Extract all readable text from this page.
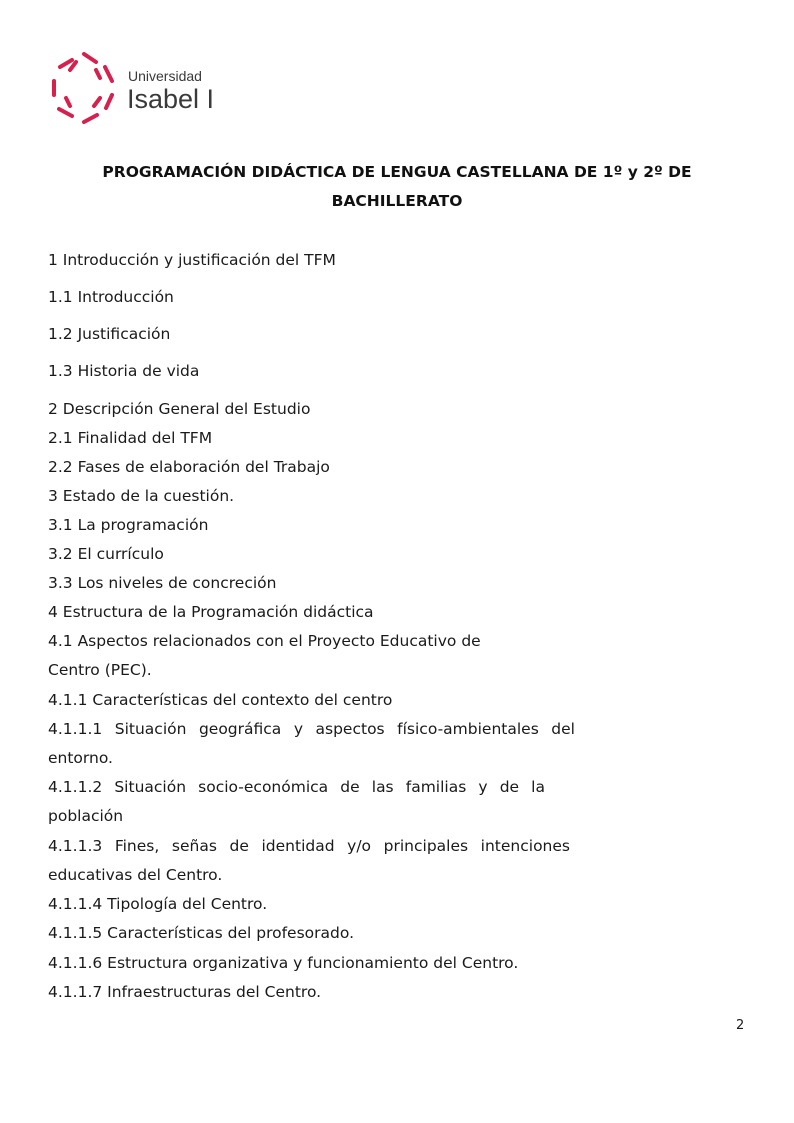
Universidad
Isabel I
PROGRAMACIÓN DIDÁCTICA DE LENGUA CASTELLANA DE 1º y 2º DE
BACHILLERATO
1 Introducción y justificación del TFM
1.1 Introducción
1.2 Justificación
1.3 Historia de vida
2 Descripción General del Estudio
2.1 Finalidad del TFM
2.2 Fases de elaboración del Trabajo
3 Estado de la cuestión.
3.1 La programación
3.2 El currículo
3.3 Los niveles de concreción
4 Estructura de la Programación didáctica
4.1 Aspectos relacionados con el Proyecto Educativo de
Centro (PEC).
4.1.1 Características del contexto del centro
4.1.1.1 Situación geográfica y aspectos físico-ambientales del
entorno.
4.1.1.2 Situación socio-económica de las familias y de la
población
4.1.1.3 Fines, señas de identidad y/o principales intenciones
educativas del Centro.
4.1.1.4 Tipología del Centro.
4.1.1.5 Características del profesorado.
4.1.1.6 Estructura organizativa y funcionamiento del Centro.
4.1.1.7 Infraestructuras del Centro.
2
